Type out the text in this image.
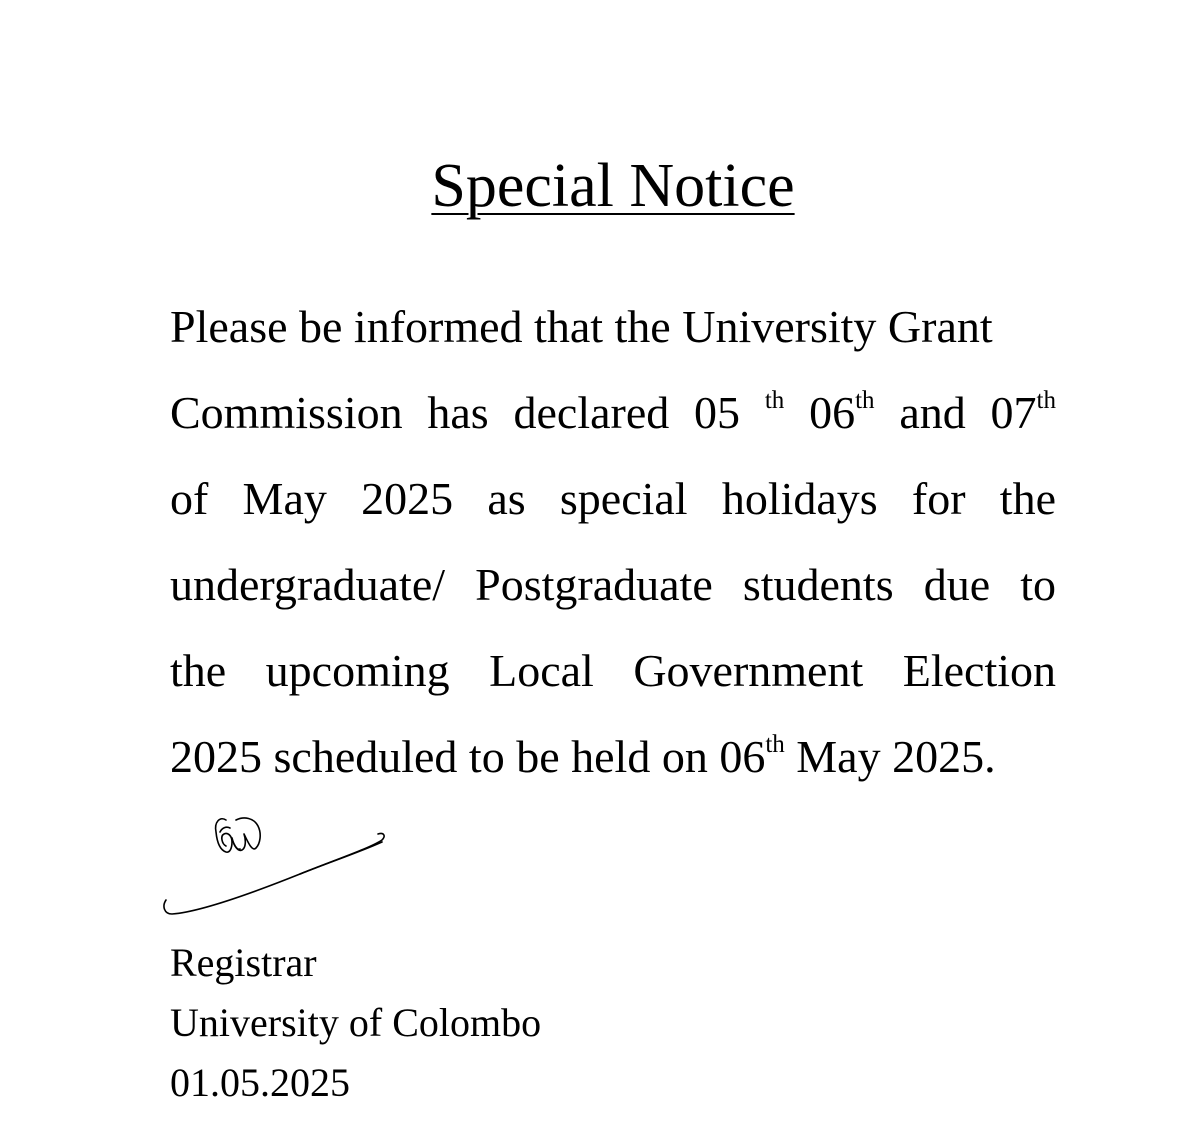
Special Notice
Please be informed that the University Grant
Commission has declared 05 $^{th}$ 06th and 07th
of May 2025 as special holidays for the
undergraduate/ Postgraduate students due to
the upcoming Local Government Election
2025 scheduled to be held on 06th May 2025.
Registrar
University of Colombo
01.05.2025
